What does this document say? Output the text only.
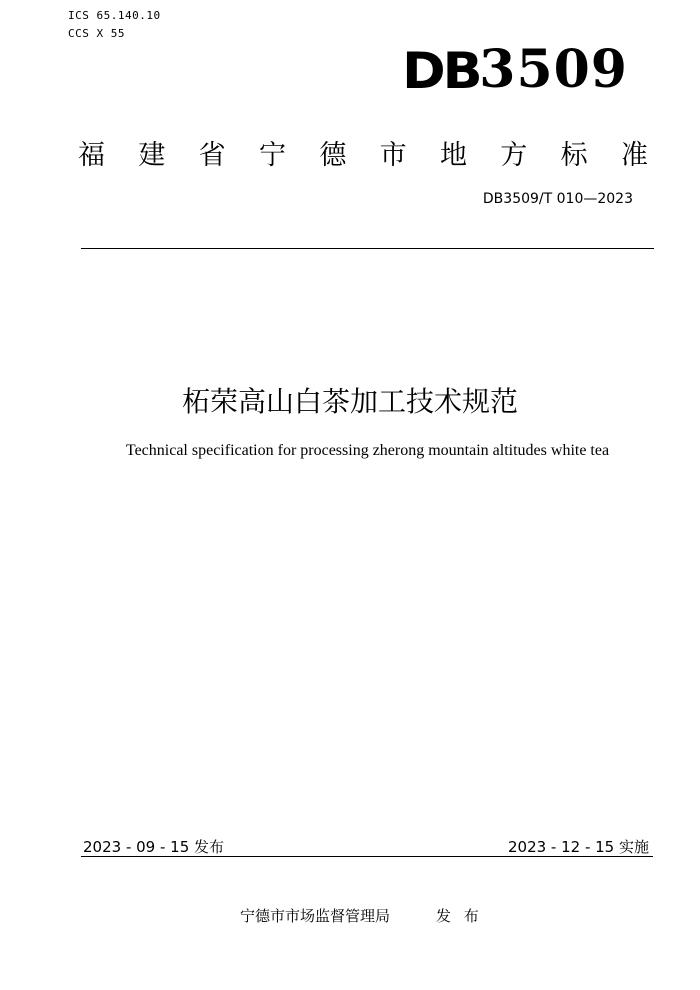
ICS 65.140.10
CCS X 55
DB 3509
福 建 省 宁 德 市 地 方 标 准
DB3509/T 010—2023
柘荣高山白茶加工技术规范
Technical specification for processing zherong mountain altitudes white tea
2023 - 09 - 15 发布	2023 - 12 - 15 实施
宁德市市场监督管理局	发 布
